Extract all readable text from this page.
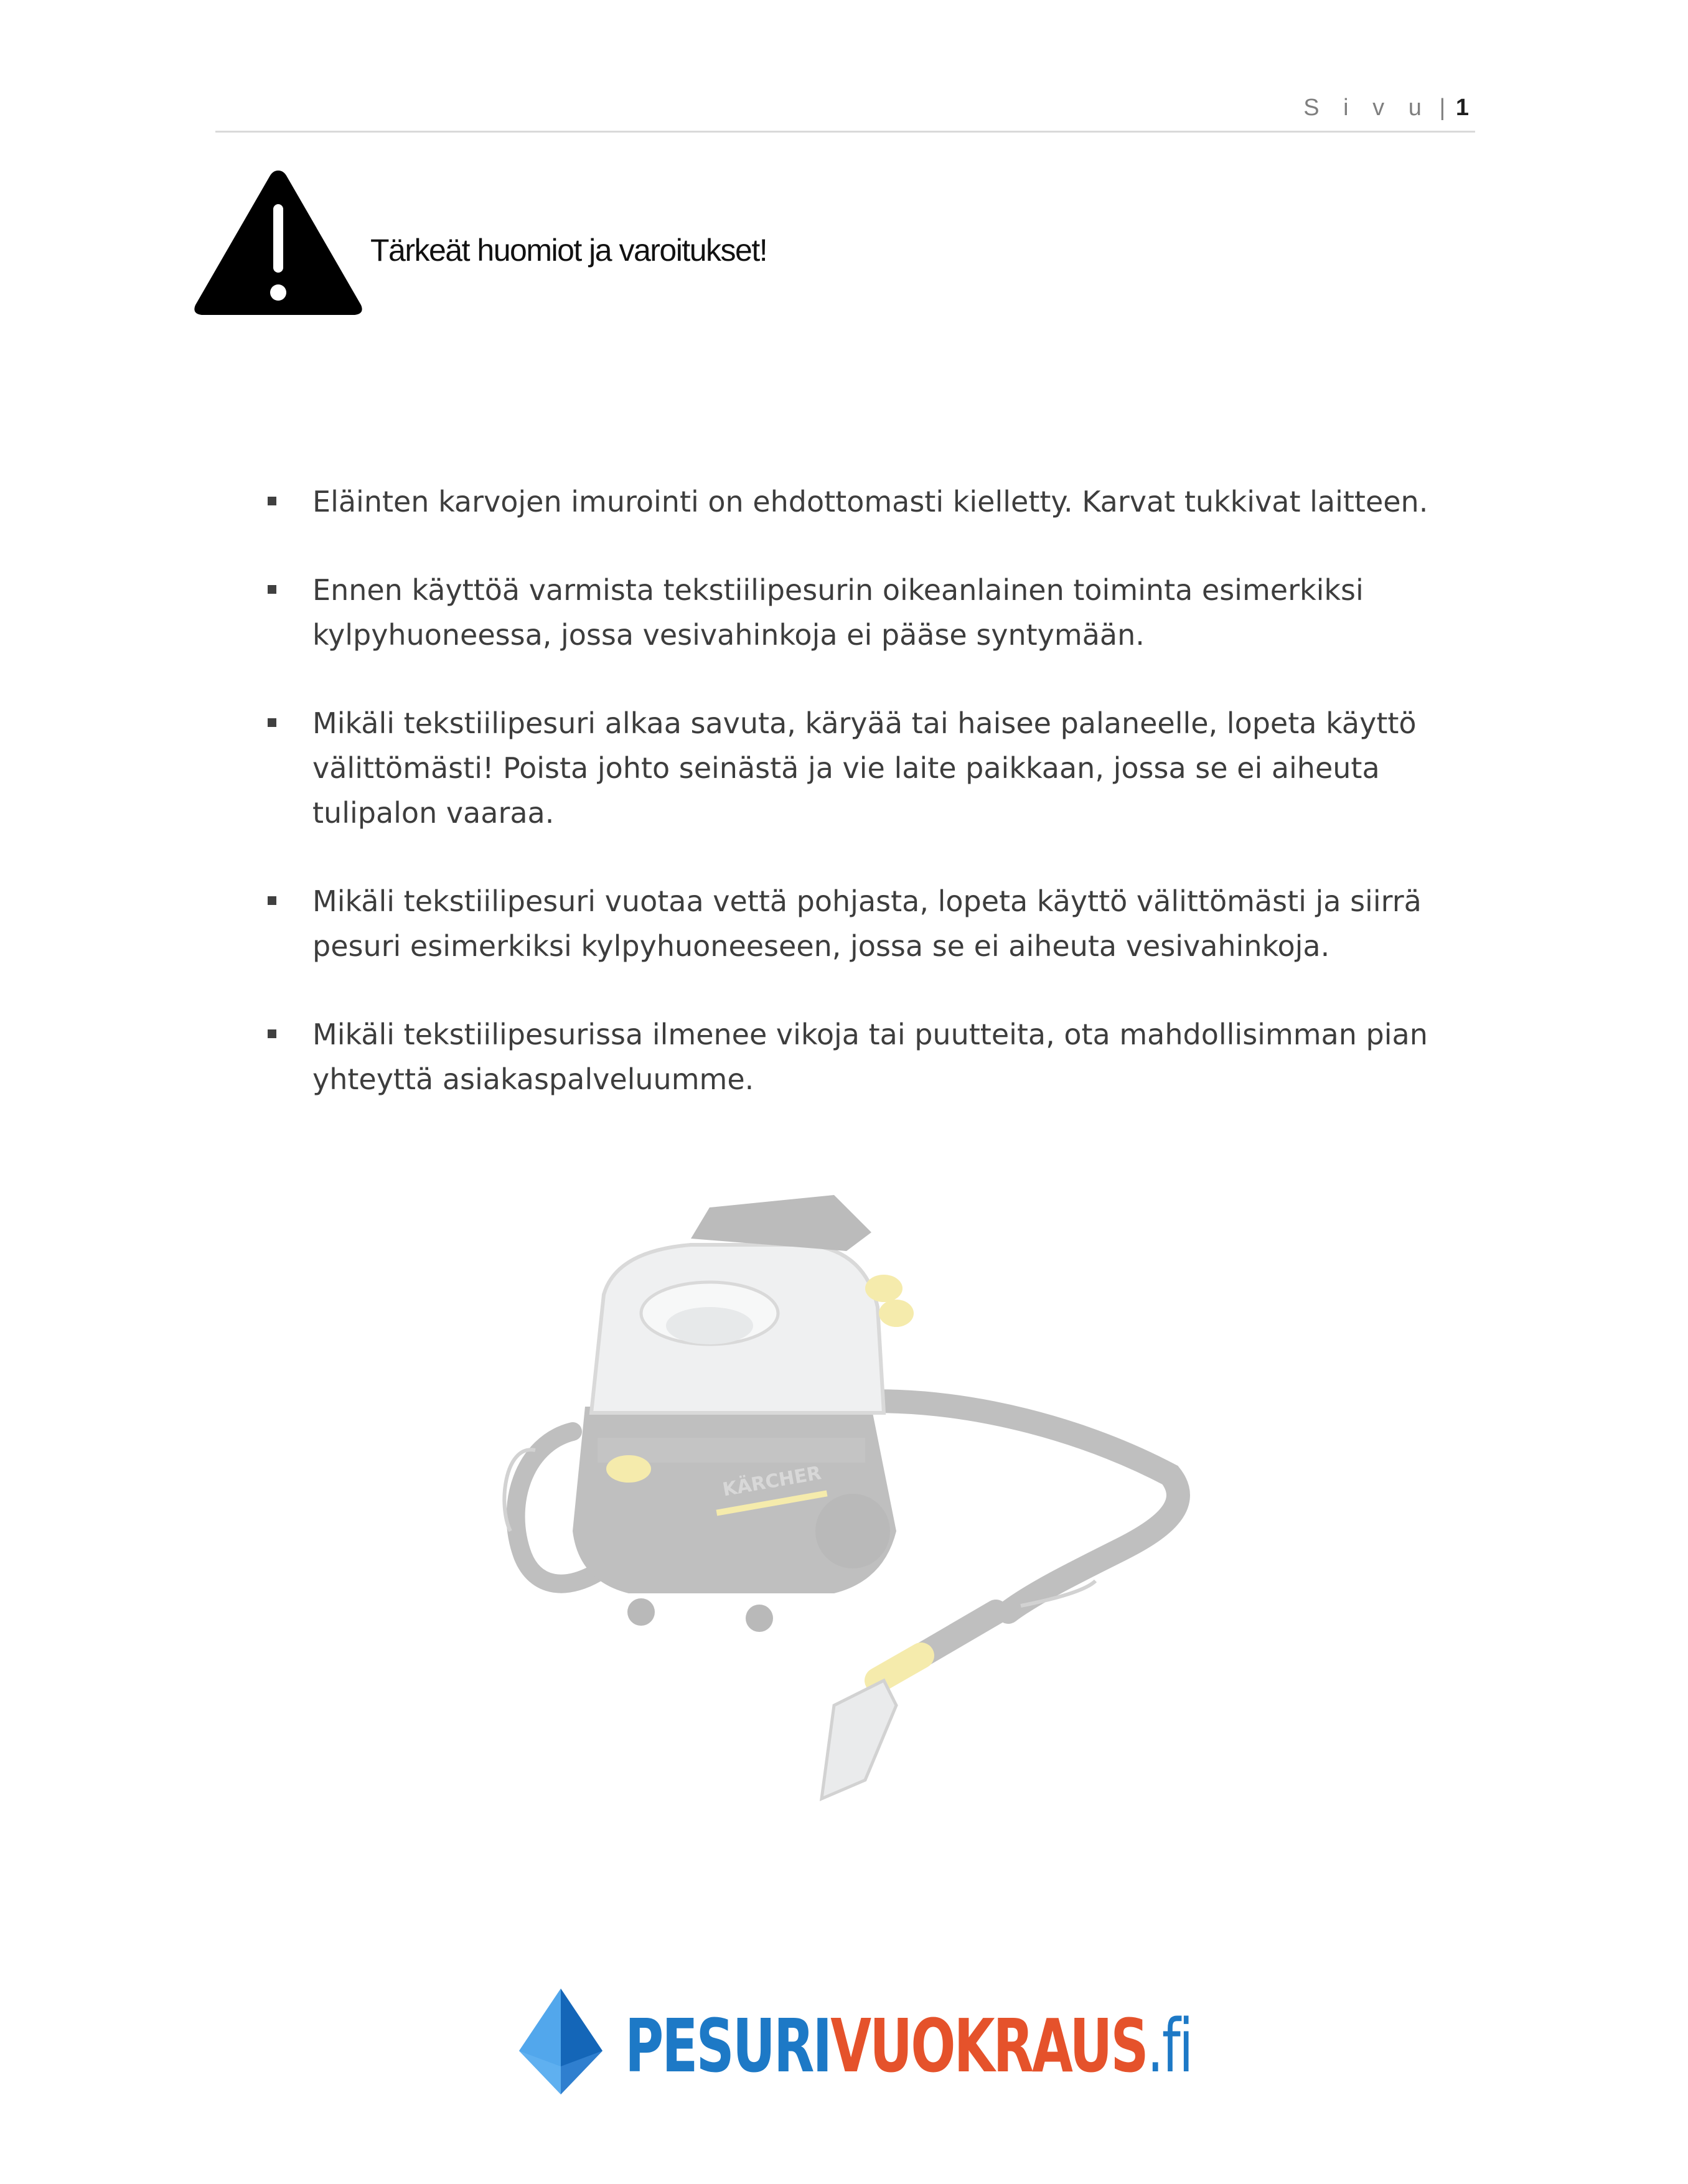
S i v u | 1
Tärkeät huomiot ja varoitukset!
Eläinten karvojen imurointi on ehdottomasti kielletty. Karvat tukkivat laitteen.
Ennen käyttöä varmista tekstiilipesurin oikeanlainen toiminta esimerkiksi kylpyhuoneessa, jossa vesivahinkoja ei pääse syntymään.
Mikäli tekstiilipesuri alkaa savuta, käryää tai haisee palaneelle, lopeta käyttö välittömästi! Poista johto seinästä ja vie laite paikkaan, jossa se ei aiheuta tulipalon vaaraa.
Mikäli tekstiilipesuri vuotaa vettä pohjasta, lopeta käyttö välittömästi ja siirrä pesuri esimerkiksi kylpyhuoneeseen, jossa se ei aiheuta vesivahinkoja.
Mikäli tekstiilipesurissa ilmenee vikoja tai puutteita, ota mahdollisimman pian yhteyttä asiakaspalveluumme.
KÄRCHER
PESURIVUOKRAUS.fi
